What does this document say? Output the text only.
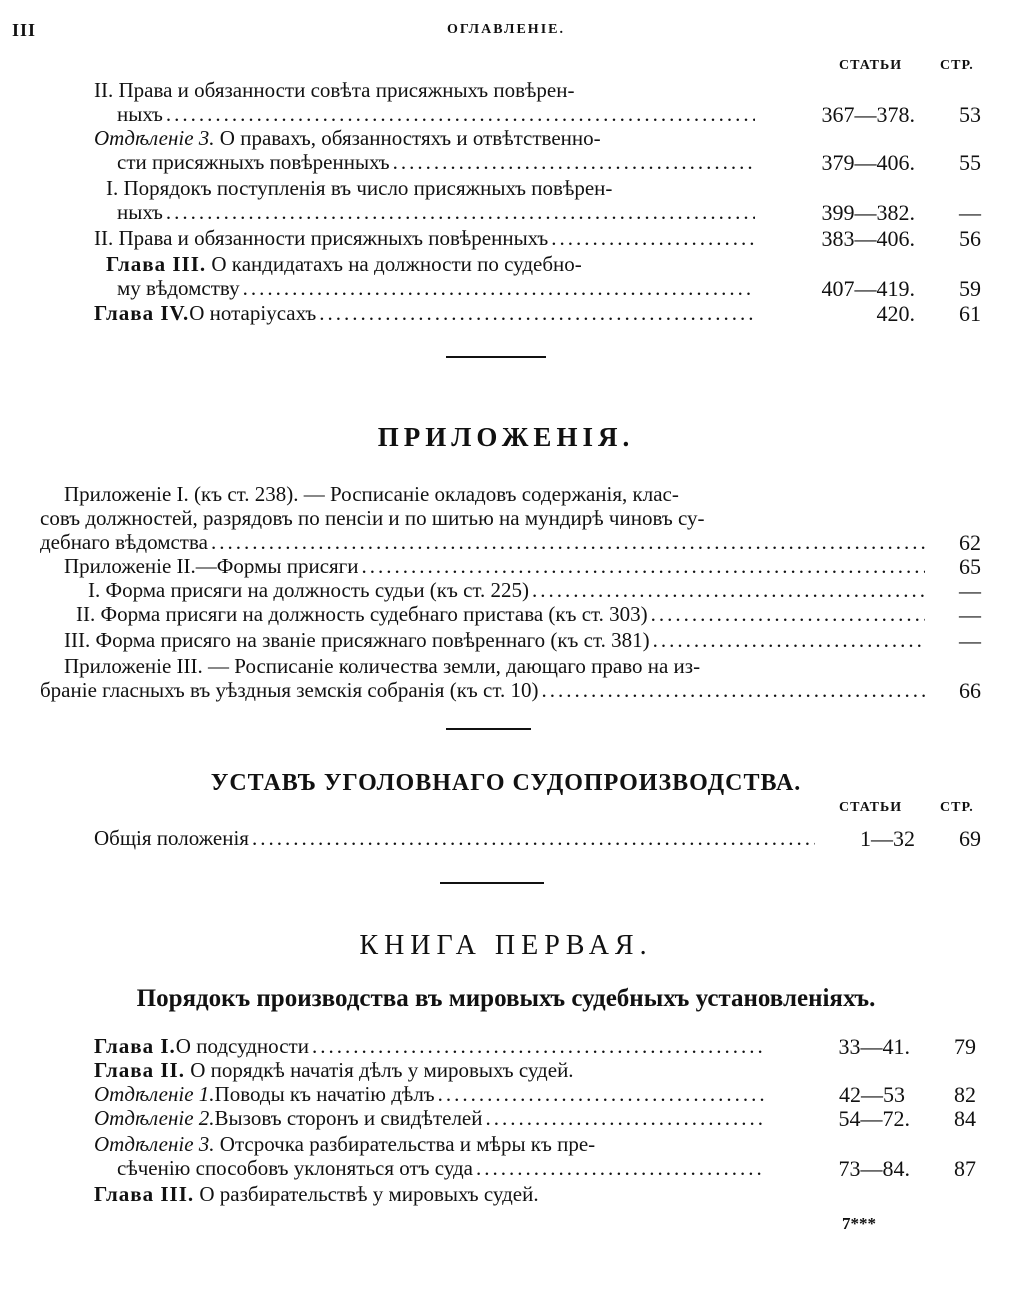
III	ОГЛАВЛЕНІЕ.
СТАТЬИ	СТР.
II. Права и обязанности совѣта присяжныхъ повѣрен-
ныхъ .....	367—378.	53
Отдѣленіе 3. О правахъ, обязанностяхъ и отвѣтственно-
сти присяжныхъ повѣренныхъ .....	379—406.	55
I. Порядокъ поступленія въ число присяжныхъ повѣрен-
ныхъ .....	399—382.	—
II. Права и обязанности присяжныхъ повѣренныхъ .....	383—406.	56
Глава III. О кандидатахъ на должности по судебно-
му вѣдомству .....	407—419.	59
Глава IV. О нотаріусахъ .....	420.	61
ПРИЛОЖЕНІЯ.
Приложеніе I. (къ ст. 238). — Росписаніе окладовъ содержанія, клас-
совъ должностей, разрядовъ по пенсіи и по шитью на мундирѣ чиновъ су-
дебнаго вѣдомства .....	62
Приложеніе II.—Формы присяги .....	65
I. Форма присяги на должность судьи (къ ст. 225) .....	—
II. Форма присяги на должность судебнаго пристава (къ ст. 303) .....	—
III. Форма присяго на званіе присяжнаго повѣреннаго (къ ст. 381) .....	—
Приложеніе III. — Росписаніе количества земли, дающаго право на из-
браніе гласныхъ въ уѣздныя земскія собранія (къ ст. 10) .....	66
УСТАВЪ УГОЛОВНАГО СУДОПРОИЗВОДСТВА.
СТАТЬИ	СТР.
Общія положенія .....	1—32	69
КНИГА ПЕРВАЯ.
Порядокъ производства въ мировыхъ судебныхъ установленіяхъ.
Глава I. О подсудности .....	33—41.	79
Глава II. О порядкѣ начатія дѣлъ у мировыхъ судей.
Отдѣленіе 1. Поводы къ начатію дѣлъ .....	42—53	82
Отдѣленіе 2. Вызовъ сторонъ и свидѣтелей .....	54—72.	84
Отдѣленіе 3. Отсрочка разбирательства и мѣры къ пре-
сѣченію способовъ уклоняться отъ суда .....	73—84.	87
Глава III. О разбирательствѣ у мировыхъ судей.
7***
